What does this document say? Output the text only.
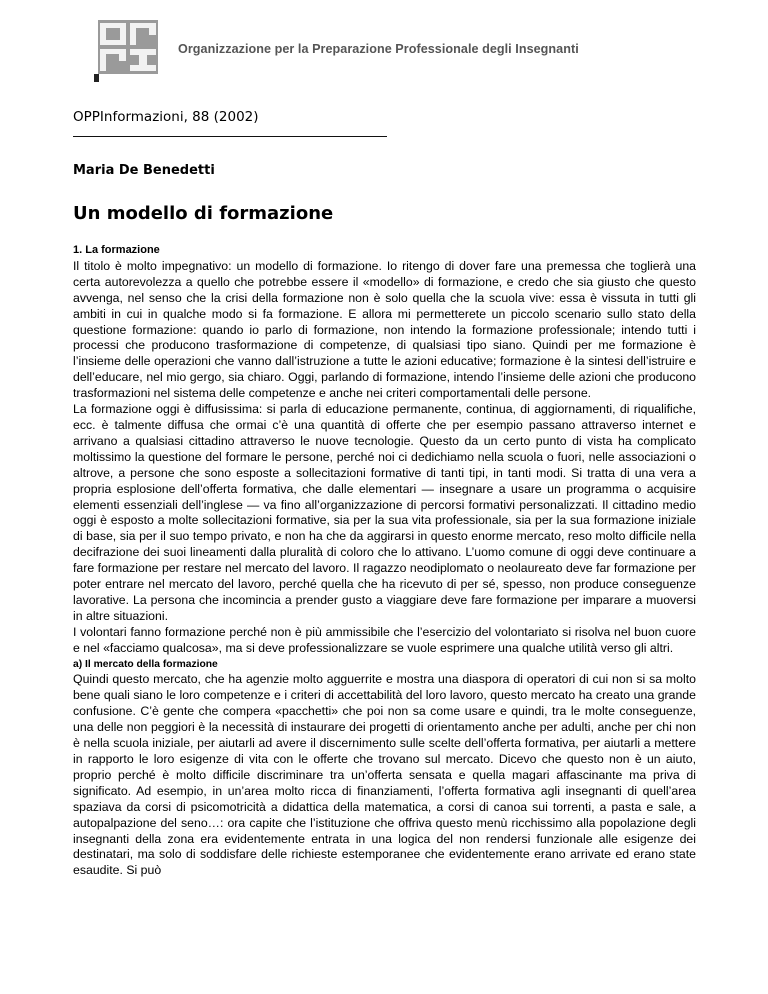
Organizzazione per la Preparazione Professionale degli Insegnanti
OPPInformazioni, 88 (2002)
Maria De Benedetti
Un modello di formazione
1. La formazione

Il titolo è molto impegnativo: un modello di formazione. Io ritengo di dover fare una premessa che toglierà una certa autorevolezza a quello che potrebbe essere il «modello» di formazione, e credo che sia giusto che questo avvenga, nel senso che la crisi della formazione non è solo quella che la scuola vive: essa è vissuta in tutti gli ambiti in cui in qualche modo si fa formazione. E allora mi permetterete un piccolo scenario sullo stato della questione formazione: quando io parlo di formazione, non intendo la formazione professionale; intendo tutti i processi che producono trasformazione di competenze, di qualsiasi tipo siano. Quindi per me formazione è l’insieme delle operazioni che vanno dall’istruzione a tutte le azioni educative; formazione è la sintesi dell’istruire e dell’educare, nel mio gergo, sia chiaro. Oggi, parlando di formazione, intendo l’insieme delle azioni che producono trasformazioni nel sistema delle competenze e anche nei criteri comportamentali delle persone.

La formazione oggi è diffusissima: si parla di educazione permanente, continua, di aggiornamenti, di riqualifiche, ecc. è talmente diffusa che ormai c’è una quantità di offerte che per esempio passano attraverso internet e arrivano a qualsiasi cittadino attraverso le nuove tecnologie. Questo da un certo punto di vista ha complicato moltissimo la questione del formare le persone, perché noi ci dedichiamo nella scuola o fuori, nelle associazioni o altrove, a persone che sono esposte a sollecitazioni formative di tanti tipi, in tanti modi. Si tratta di una vera a propria esplosione dell’offerta formativa, che dalle elementari — insegnare a usare un programma o acquisire elementi essenziali dell’inglese — va fino all’organizzazione di percorsi formativi personalizzati. Il cittadino medio oggi è esposto a molte sollecitazioni formative, sia per la sua vita professionale, sia per la sua formazione iniziale di base, sia per il suo tempo privato, e non ha che da aggirarsi in questo enorme mercato, reso molto difficile nella decifrazione dei suoi lineamenti dalla pluralità di coloro che lo attivano. L’uomo comune di oggi deve continuare a fare formazione per restare nel mercato del lavoro. Il ragazzo neodiplomato o neolaureato deve far formazione per poter entrare nel mercato del lavoro, perché quella che ha ricevuto di per sé, spesso, non produce conseguenze lavorative. La persona che incomincia a prender gusto a viaggiare deve fare formazione per imparare a muoversi in altre situazioni.

I volontari fanno formazione perché non è più ammissibile che l’esercizio del volontariato si risolva nel buon cuore e nel «facciamo qualcosa», ma si deve professionalizzare se vuole esprimere una qualche utilità verso gli altri.

a) Il mercato della formazione

Quindi questo mercato, che ha agenzie molto agguerrite e mostra una diaspora di operatori di cui non si sa molto bene quali siano le loro competenze e i criteri di accettabilità del loro lavoro, questo mercato ha creato una grande confusione. C’è gente che compera «pacchetti» che poi non sa come usare e quindi, tra le molte conseguenze, una delle non peggiori è la necessità di instaurare dei progetti di orientamento anche per adulti, anche per chi non è nella scuola iniziale, per aiutarli ad avere il discernimento sulle scelte dell’offerta formativa, per aiutarli a mettere in rapporto le loro esigenze di vita con le offerte che trovano sul mercato. Dicevo che questo non è un aiuto, proprio perché è molto difficile discriminare tra un’offerta sensata e quella magari affascinante ma priva di significato. Ad esempio, in un’area molto ricca di finanziamenti, l’offerta formativa agli insegnanti di quell’area spaziava da corsi di psicomotricità a didattica della matematica, a corsi di canoa sui torrenti, a pasta e sale, a autopalpazione del seno…: ora capite che l’istituzione che offriva questo menù ricchissimo alla popolazione degli insegnanti della zona era evidentemente entrata in una logica del non rendersi funzionale alle esigenze dei destinatari, ma solo di soddisfare delle richieste estemporanee che evidentemente erano arrivate ed erano state esaudite. Si può
